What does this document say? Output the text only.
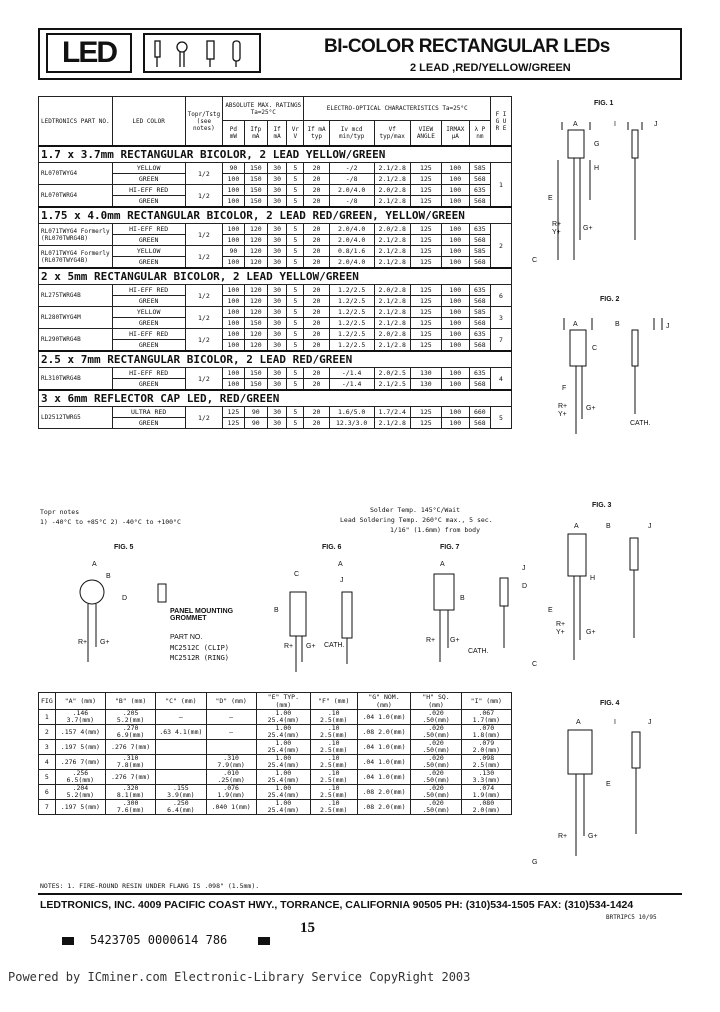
LED	BI-COLOR RECTANGULAR LEDs
2 LEAD ,RED/YELLOW/GREEN
LEDTRONICS PART NO.	LED COLOR	Topr/Tstg (see notes)	ABSOLUTE MAX. RATINGS Ta=25°C				ELECTRO-OPTICAL CHARACTERISTICS Ta=25°C						F I G U R E
			Pd mW	Ifp mA	If mA	Vr V	If mA typ	Iv mcd min/typ	Vf typ/max	VIEW ANGLE	IRMAX µA	λ P nm	
1.7 x 3.7mm RECTANGULAR BICOLOR, 2 LEAD YELLOW/GREEN													
RL070TWYG4	YELLOW	1/2	90	150	30	5	20	-/2	2.1/2.8	125	100	585	1
	GREEN		100	150	30	5	20	-/8	2.1/2.8	125	100	568	
RL070TWRG4	HI-EFF RED	1/2	100	150	30	5	20	2.0/4.0	2.0/2.8	125	100	635	
	GREEN		100	150	30	5	20	-/8	2.1/2.8	125	100	568	
1.75 x 4.0mm RECTANGULAR BICOLOR, 2 LEAD RED/GREEN, YELLOW/GREEN													
RL071TWYG4 Formerly (RL070TWRG4B)	HI-EFF RED	1/2	100	120	30	5	20	2.0/4.0	2.0/2.8	125	100	635	2
	GREEN		100	120	30	5	20	2.0/4.0	2.1/2.8	125	100	568	
RL071TWYG4 Formerly (RL070TWYG4B)	YELLOW	1/2	90	120	30	5	20	0.8/1.6	2.1/2.8	125	100	585	
	GREEN		100	120	30	5	20	2.0/4.0	2.1/2.8	125	100	568	
2 x 5mm RECTANGULAR BICOLOR, 2 LEAD YELLOW/GREEN													
RL275TWRG4B	HI-EFF RED	1/2	100	120	30	5	20	1.2/2.5	2.0/2.8	125	100	635	6
	GREEN		100	120	30	5	20	1.2/2.5	2.1/2.8	125	100	568	
RL280TWYG4M	YELLOW	1/2	100	120	30	5	20	1.2/2.5	2.1/2.8	125	100	585	3
	GREEN		100	150	30	5	20	1.2/2.5	2.1/2.8	125	100	568	
RL290TWRG4B	HI-EFF RED	1/2	100	120	30	5	20	1.2/2.5	2.0/2.8	125	100	635	7
	GREEN		100	120	30	5	20	1.2/2.5	2.1/2.8	125	100	568	
2.5 x 7mm RECTANGULAR BICOLOR, 2 LEAD RED/GREEN													
RL310TWRG4B	HI-EFF RED	1/2	100	150	30	5	20	-/1.4	2.0/2.5	130	100	635	4
	GREEN		100	150	30	5	20	-/1.4	2.1/2.5	130	100	568	
3 x 6mm REFLECTOR CAP LED, RED/GREEN													
LD2512TWRG5	ULTRA RED	1/2	125	90	30	5	20	1.6/5.0	1.7/2.4	125	100	660	5
	GREEN		125	90	30	5	20	12.3/3.0	2.1/2.8	125	100	568	
Topr notes
1) -40°C to +85°C 2) -40°C to +100°C
Solder Temp. 145°C/Wait
Lead Soldering Temp. 260°C max., 5 sec.
1/16" (1.6mm) from body
FIG. 1
A	I	J
G
H
E
R+
Y+
G+
C
FIG. 2
A	B	J
C
F
R+
Y+
G+
CATH.
FIG. 3
A	B	J
E
H
R+
Y+	G+
C
FIG. 4
A	I	J
E
R+	G+
G
FIG. 5
A
B
D
R+ G+
PANEL MOUNTING GROMMET
PART NO.
MC2512C (CLIP)
MC2512R (RING)
FIG. 6
C
A
J
B
R+ G+ CATH.
FIG. 7
A
J
D
B
R+ G+
CATH.
FIG	"A" (mm)	"B" (mm)	"C" (mm)	"D" (mm)	"E" TYP. (mm)	"F" (mm)	"G" NOM. (mm)	"H" SQ. (mm)	"I" (mm)
1	.146 3.7(mm)	.205 5.2(mm)	—	—	1.00 25.4(mm)	.10 2.5(mm)	.04 1.0(mm)	.020 .50(mm)	.067 1.7(mm)
2	.157 4(mm)	.270 6.9(mm)	.63 4.1(mm)	—	1.00 25.4(mm)	.10 2.5(mm)	.08 2.0(mm)	.020 .50(mm)	.070 1.8(mm)
3	.197 5(mm)	.276 7(mm)			1.00 25.4(mm)	.10 2.5(mm)	.04 1.0(mm)	.020 .50(mm)	.079 2.0(mm)
4	.276 7(mm)	.310 7.8(mm)		.310 7.9(mm)	1.00 25.4(mm)	.10 2.5(mm)	.04 1.0(mm)	.020 .50(mm)	.098 2.5(mm)
5	.256 6.5(mm)	.276 7(mm)		.010 .25(mm)	1.00 25.4(mm)	.10 2.5(mm)	.04 1.0(mm)	.020 .50(mm)	.130 3.3(mm)
6	.204 5.2(mm)	.320 8.1(mm)	.155 3.9(mm)	.076 1.9(mm)	1.00 25.4(mm)	.10 2.5(mm)	.08 2.0(mm)	.020 .50(mm)	.074 1.9(mm)
7	.197 5(mm)	.300 7.6(mm)	.250 6.4(mm)	.040 1(mm)	1.00 25.4(mm)	.10 2.5(mm)	.08 2.0(mm)	.020 .50(mm)	.080 2.0(mm)
NOTES: 1. FIRE-ROUND RESIN UNDER FLANG IS .098" (1.5mm).
LEDTRONICS, INC. 4009 PACIFIC COAST HWY., TORRANCE, CALIFORNIA 90505 PH: (310)534-1505 FAX: (310)534-1424
BRTRIPC5 10/95
5423705 0000614 786
15
Powered by ICminer.com Electronic-Library Service CopyRight 2003
